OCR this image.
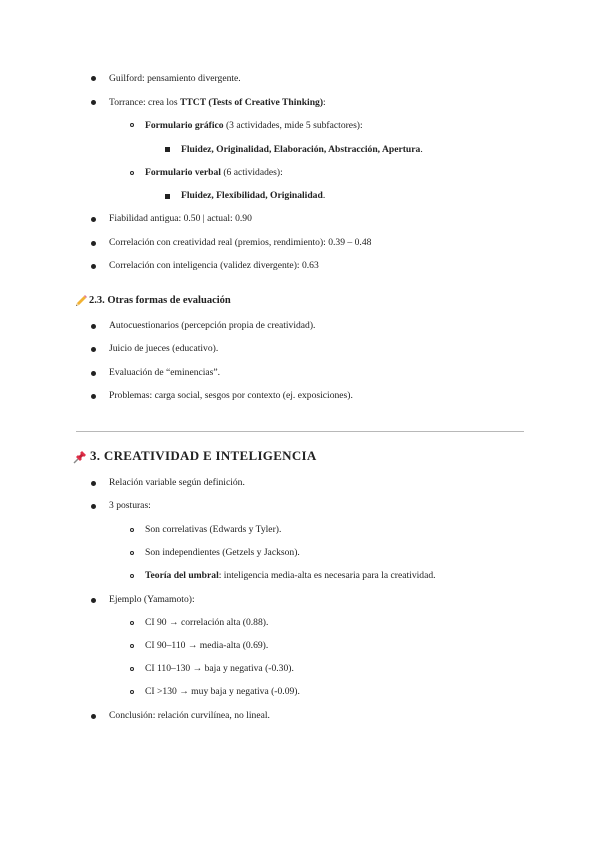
Guilford: pensamiento divergente.
Torrance: crea los TTCT (Tests of Creative Thinking):
Formulario gráfico (3 actividades, mide 5 subfactores):
Fluidez, Originalidad, Elaboración, Abstracción, Apertura.
Formulario verbal (6 actividades):
Fluidez, Flexibilidad, Originalidad.
Fiabilidad antigua: 0.50 | actual: 0.90
Correlación con creatividad real (premios, rendimiento): 0.39 – 0.48
Correlación con inteligencia (validez divergente): 0.63
2.3. Otras formas de evaluación
Autocuestionarios (percepción propia de creatividad).
Juicio de jueces (educativo).
Evaluación de “eminencias”.
Problemas: carga social, sesgos por contexto (ej. exposiciones).
3. CREATIVIDAD E INTELIGENCIA
Relación variable según definición.
3 posturas:
Son correlativas (Edwards y Tyler).
Son independientes (Getzels y Jackson).
Teoría del umbral: inteligencia media-alta es necesaria para la creatividad.
Ejemplo (Yamamoto):
CI 90 → correlación alta (0.88).
CI 90–110 → media-alta (0.69).
CI 110–130 → baja y negativa (-0.30).
CI >130 → muy baja y negativa (-0.09).
Conclusión: relación curvilínea, no lineal.
